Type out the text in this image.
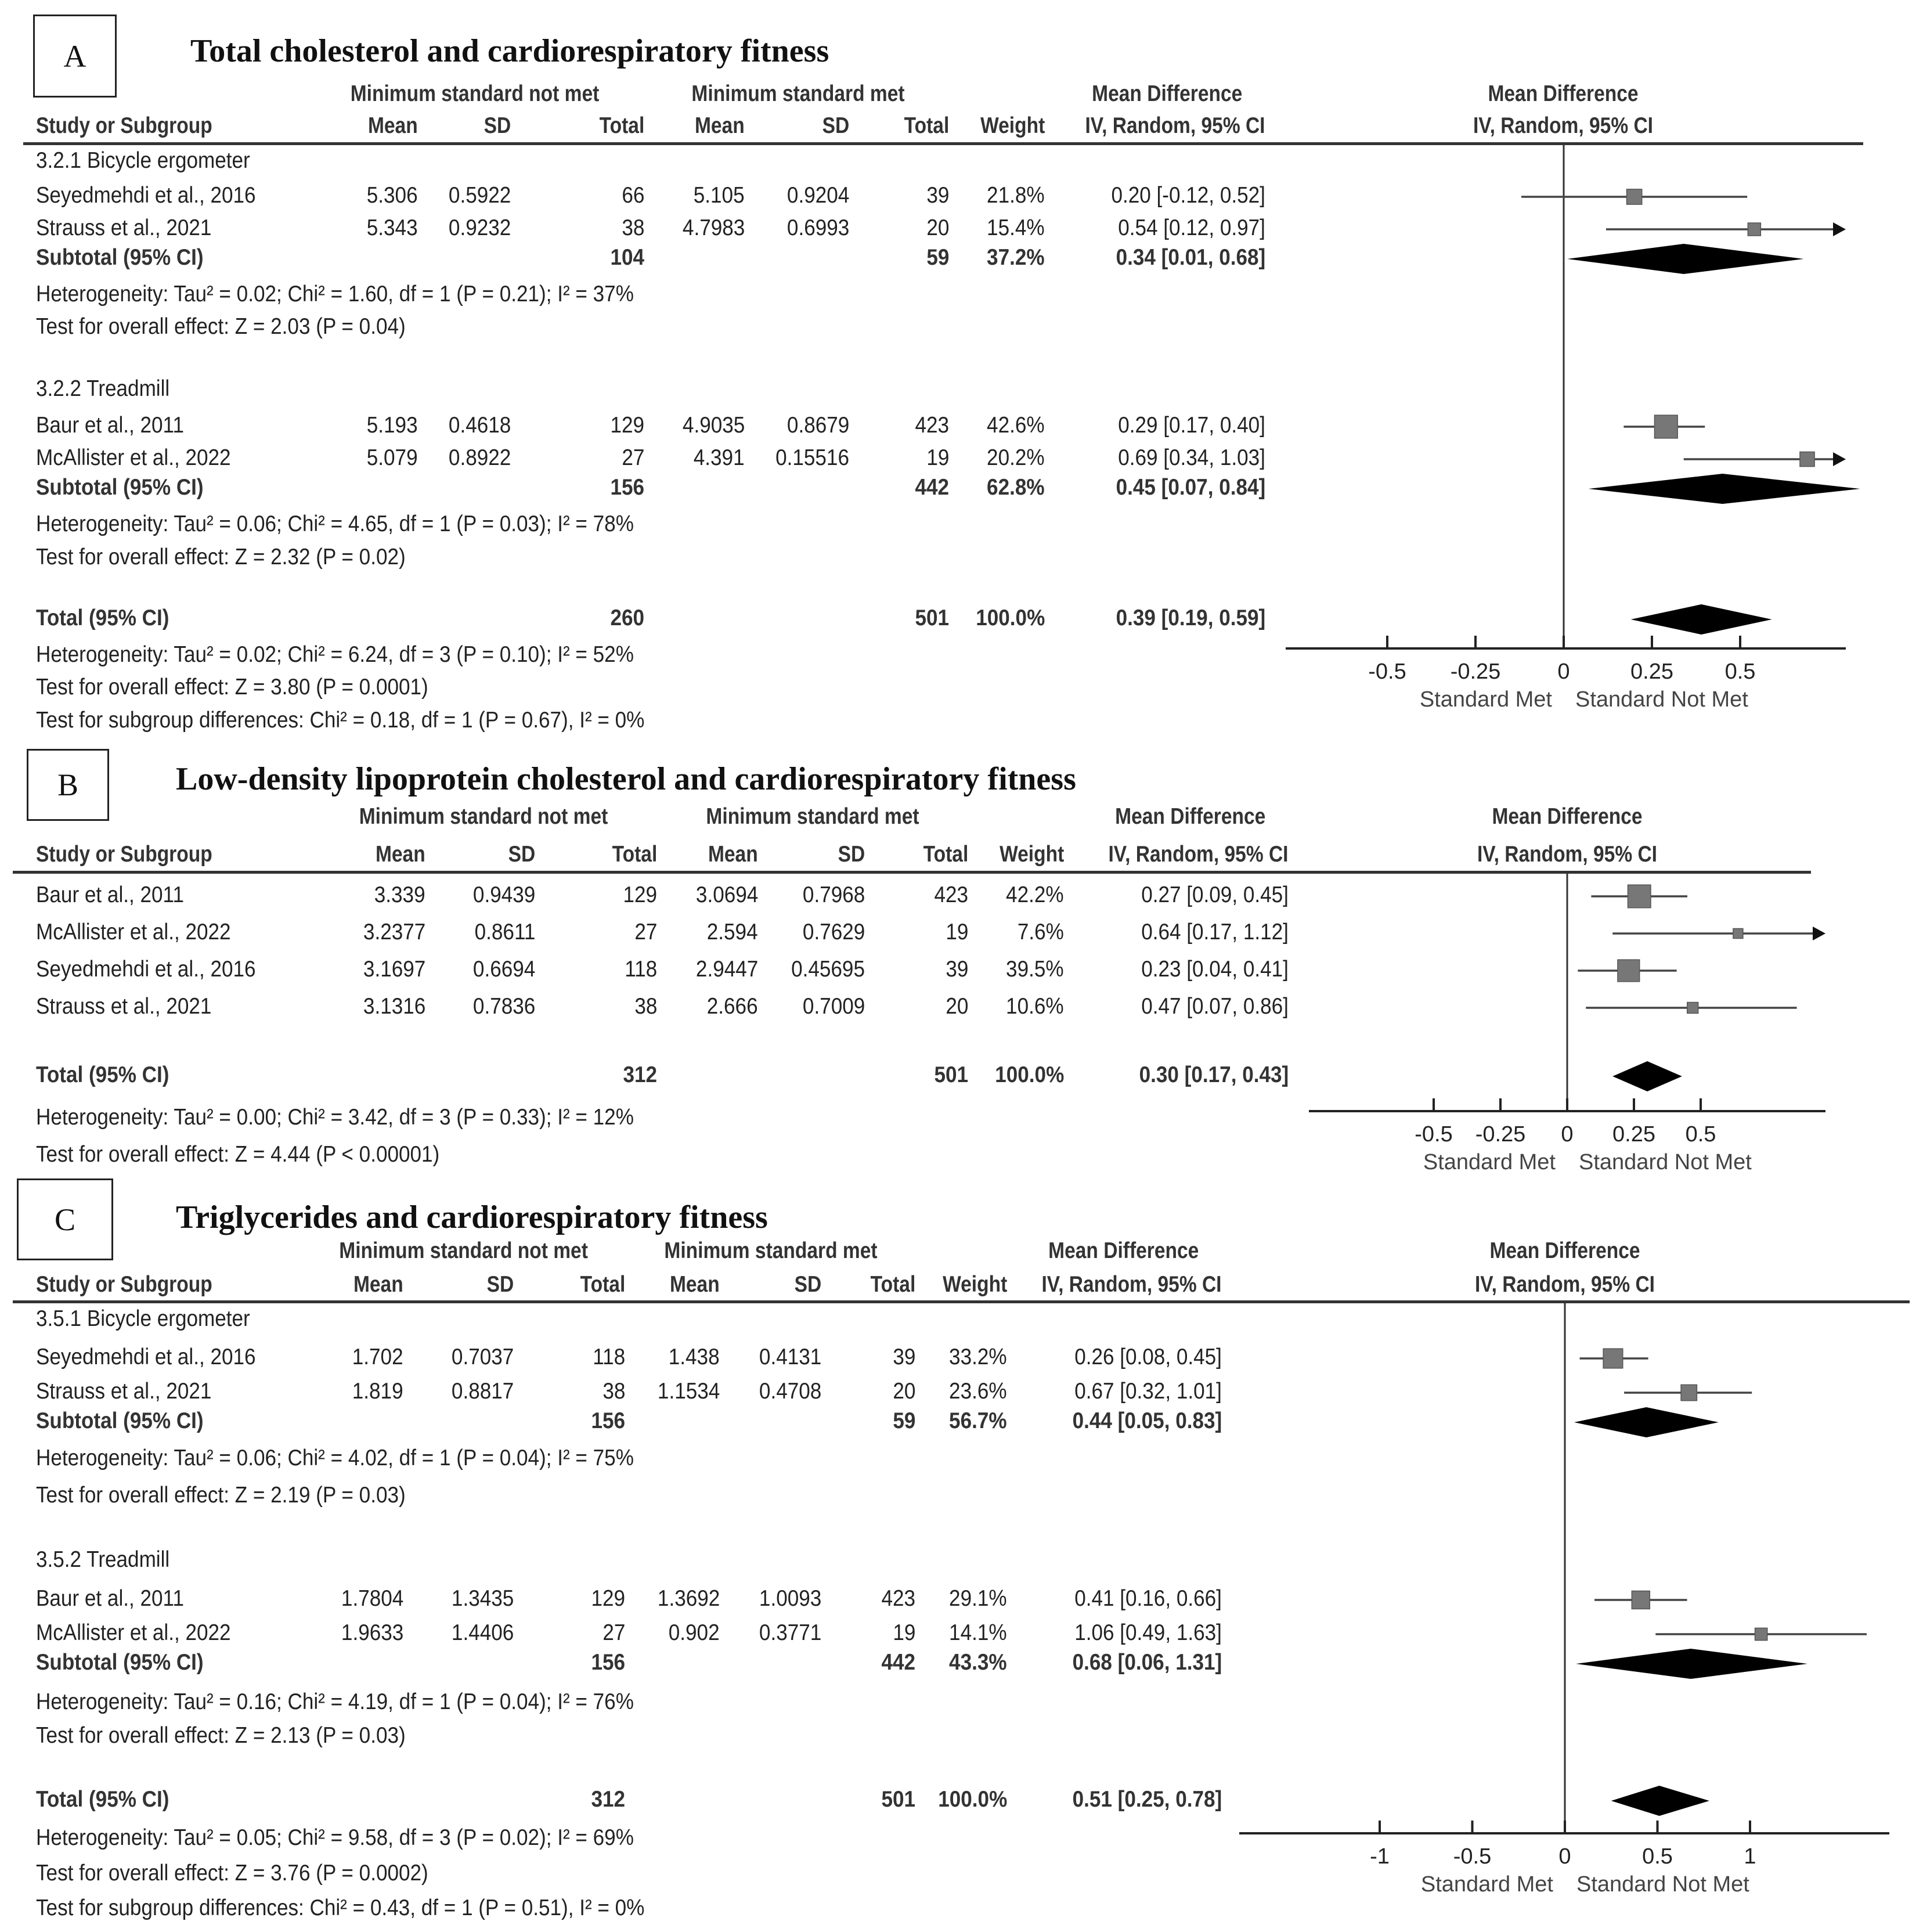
-0.5 -0.25	0	0.25 0.5
Standard Met Standard Not Met
-0.5 -0.25 0 0.25 0.5
Standard Met Standard Not Met
-1	-0.5	0	0.5	1
Standard Met Standard Not Met
A	Total cholesterol and cardiorespiratory fitness
Minimum standard not met	Minimum standard met	Mean Difference	Mean Difference
Study or Subgroup	Mean	SD	Total Mean	SD Total Weight IV, Random, 95% CI	IV, Random, 95% CI
3.2.1 Bicycle ergometer
Seyedmehdi et al., 2016	5.306 0.5922	66 5.105 0.9204	39 21.8%	0.20 [-0.12, 0.52]
Strauss et al., 2021	5.343 0.9232	38 4.7983 0.6993	20 15.4%	0.54 [0.12, 0.97]
Subtotal (95% CI)	104	59 37.2%	0.34 [0.01, 0.68]
Heterogeneity: Tau² = 0.02; Chi² = 1.60, df = 1 (P = 0.21); I² = 37%
Test for overall effect: Z = 2.03 (P = 0.04)
3.2.2 Treadmill
Baur et al., 2011	5.193 0.4618	129 4.9035 0.8679	423 42.6%	0.29 [0.17, 0.40]
McAllister et al., 2022	5.079 0.8922	27 4.391 0.15516	19 20.2%	0.69 [0.34, 1.03]
Subtotal (95% CI)	156	442 62.8%	0.45 [0.07, 0.84]
Heterogeneity: Tau² = 0.06; Chi² = 4.65, df = 1 (P = 0.03); I² = 78%
Test for overall effect: Z = 2.32 (P = 0.02)
Total (95% CI)	260	501 100.0%	0.39 [0.19, 0.59]
Heterogeneity: Tau² = 0.02; Chi² = 6.24, df = 3 (P = 0.10); I² = 52%
Test for overall effect: Z = 3.80 (P = 0.0001)
Test for subgroup differences: Chi² = 0.18, df = 1 (P = 0.67), I² = 0%
B	Low-density lipoprotein cholesterol and cardiorespiratory fitness
Minimum standard not met	Minimum standard met	Mean Difference	Mean Difference
Study or Subgroup	Mean	SD	Total Mean	SD	Total Weight IV, Random, 95% CI	IV, Random, 95% CI
Baur et al., 2011	3.339 0.9439	129 3.0694 0.7968	423 42.2%	0.27 [0.09, 0.45]
McAllister et al., 2022	3.2377 0.8611	27 2.594 0.7629	19 7.6%	0.64 [0.17, 1.12]
Seyedmehdi et al., 2016	3.1697 0.6694	118 2.9447 0.45695	39 39.5%	0.23 [0.04, 0.41]
Strauss et al., 2021	3.1316 0.7836	38 2.666 0.7009	20 10.6%	0.47 [0.07, 0.86]
Total (95% CI)	312	501 100.0%	0.30 [0.17, 0.43]
Heterogeneity: Tau² = 0.00; Chi² = 3.42, df = 3 (P = 0.33); I² = 12%
Test for overall effect: Z = 4.44 (P < 0.00001)
C	Triglycerides and cardiorespiratory fitness
Minimum standard not met	Minimum standard met	Mean Difference	Mean Difference
Study or Subgroup	Mean	SD	Total Mean	SD Total Weight IV, Random, 95% CI	IV, Random, 95% CI
3.5.1 Bicycle ergometer
Seyedmehdi et al., 2016	1.702 0.7037	118 1.438 0.4131	39 33.2%	0.26 [0.08, 0.45]
Strauss et al., 2021	1.819 0.8817	38 1.1534 0.4708	20 23.6%	0.67 [0.32, 1.01]
Subtotal (95% CI)	156	59 56.7%	0.44 [0.05, 0.83]
Heterogeneity: Tau² = 0.06; Chi² = 4.02, df = 1 (P = 0.04); I² = 75%
Test for overall effect: Z = 2.19 (P = 0.03)
3.5.2 Treadmill
Baur et al., 2011	1.7804 1.3435	129 1.3692 1.0093	423 29.1%	0.41 [0.16, 0.66]
McAllister et al., 2022	1.9633 1.4406	27 0.902 0.3771	19 14.1%	1.06 [0.49, 1.63]
Subtotal (95% CI)	156	442 43.3%	0.68 [0.06, 1.31]
Heterogeneity: Tau² = 0.16; Chi² = 4.19, df = 1 (P = 0.04); I² = 76%
Test for overall effect: Z = 2.13 (P = 0.03)
Total (95% CI)	312	501 100.0%	0.51 [0.25, 0.78]
Heterogeneity: Tau² = 0.05; Chi² = 9.58, df = 3 (P = 0.02); I² = 69%
Test for overall effect: Z = 3.76 (P = 0.0002)
Test for subgroup differences: Chi² = 0.43, df = 1 (P = 0.51), I² = 0%
